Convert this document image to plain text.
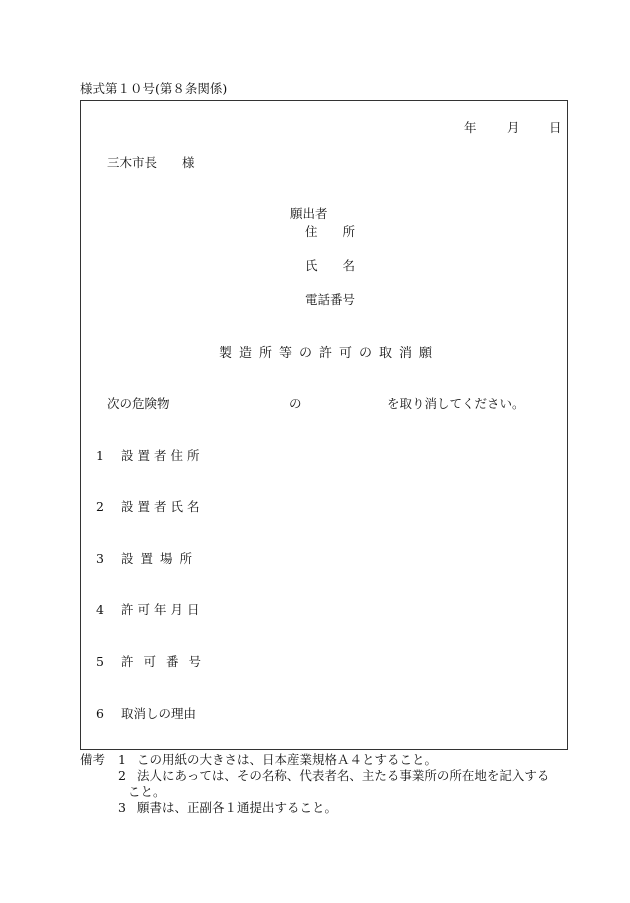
様式第１０号(第８条関係)
年 月 日
三木市長　　様
願出者
住　　所
氏　　名
電話番号
製造所等の許可の取消願
次の危険物	の	を取り消してください。
1 設置者住所
2 設置者氏名
3 設置場所
4 許可年月日
5 許可番号
6 取消しの理由
備考 1 この用紙の大きさは、日本産業規格Ａ４とすること。
2 法人にあっては、その名称、代表者名、主たる事業所の所在地を記入する
こと。
3 願書は、正副各１通提出すること。
